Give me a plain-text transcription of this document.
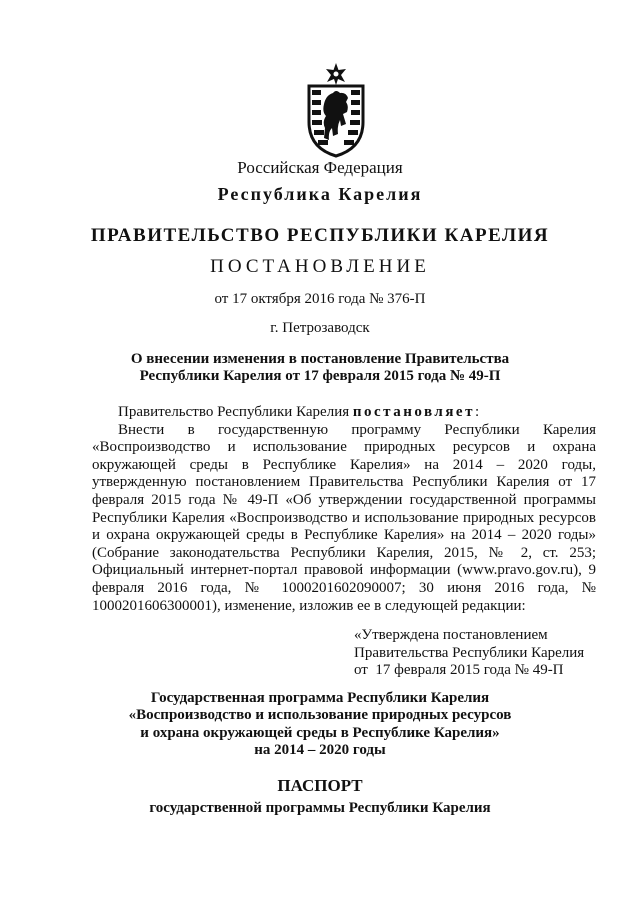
Российская Федерация
Республика Карелия
ПРАВИТЕЛЬСТВО РЕСПУБЛИКИ КАРЕЛИЯ
ПОСТАНОВЛЕНИЕ
от 17 октября 2016 года № 376-П
г. Петрозаводск
О внесении изменения в постановление Правительства
Республики Карелия от 17 февраля 2015 года № 49-П

Правительство Республики Карелия постановляет:

Внести в государственную программу Республики Карелия «Воспроизводство и использование природных ресурсов и охрана окружающей среды в Республике Карелия» на 2014 – 2020 годы, утвержденную постановлением Правительства Республики Карелия от 17 февраля 2015 года № 49-П «Об утверждении государственной программы Республики Карелия «Воспроизводство и использование природных ресурсов и охрана окружающей среды в Республике Карелия» на 2014 – 2020 годы» (Собрание законодательства Республики Карелия, 2015, № 2, ст. 253; Официальный интернет-портал правовой информации (www.pravo.gov.ru), 9 февраля 2016 года, № 1000201602090007; 30 июня 2016 года, № 1000201606300001), изменение, изложив ее в следующей редакции:

«Утверждена постановлением
Правительства Республики Карелия
от  17 февраля 2015 года № 49-П
Государственная программа Республики Карелия
«Воспроизводство и использование природных ресурсов
и охрана окружающей среды в Республике Карелия»
на 2014 – 2020 годы
ПАСПОРТ
государственной программы Республики Карелия
